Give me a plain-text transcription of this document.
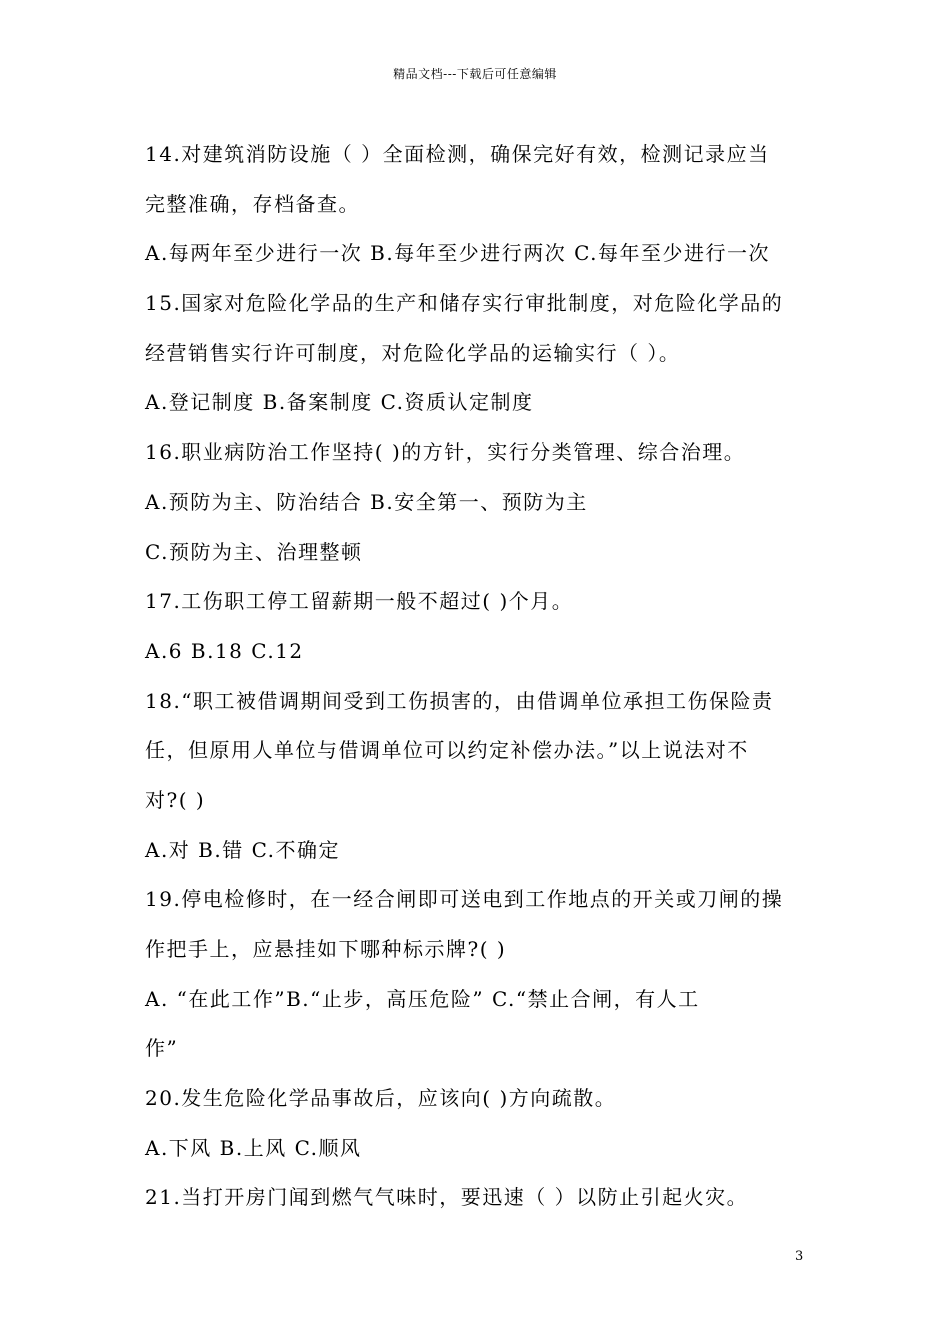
精品文档---下载后可任意编辑
14.对建筑消防设施（ ）全面检测，确保完好有效，检测记录应当
完整准确，存档备查。
A.每两年至少进行一次 B.每年至少进行两次 C.每年至少进行一次
15.国家对危险化学品的生产和储存实行审批制度，对危险化学品的
经营销售实行许可制度，对危险化学品的运输实行（ ）。
A.登记制度 B.备案制度 C.资质认定制度
16.职业病防治工作坚持( )的方针，实行分类管理、综合治理。
A.预防为主、防治结合 B.安全第一、预防为主
C.预防为主、治理整顿
17.工伤职工停工留薪期一般不超过( )个月。
A.6 B.18 C.12
18.“职工被借调期间受到工伤损害的，由借调单位承担工伤保险责
任，但原用人单位与借调单位可以约定补偿办法。”以上说法对不
对?( )
A.对 B.错 C.不确定
19.停电检修时，在一经合闸即可送电到工作地点的开关或刀闸的操
作把手上，应悬挂如下哪种标示牌?( )
A. “在此工作”B.“止步，高压危险” C.“禁止合闸，有人工
作”
20.发生危险化学品事故后，应该向( )方向疏散。
A.下风 B.上风 C.顺风
21.当打开房门闻到燃气气味时，要迅速（ ）以防止引起火灾。
3
